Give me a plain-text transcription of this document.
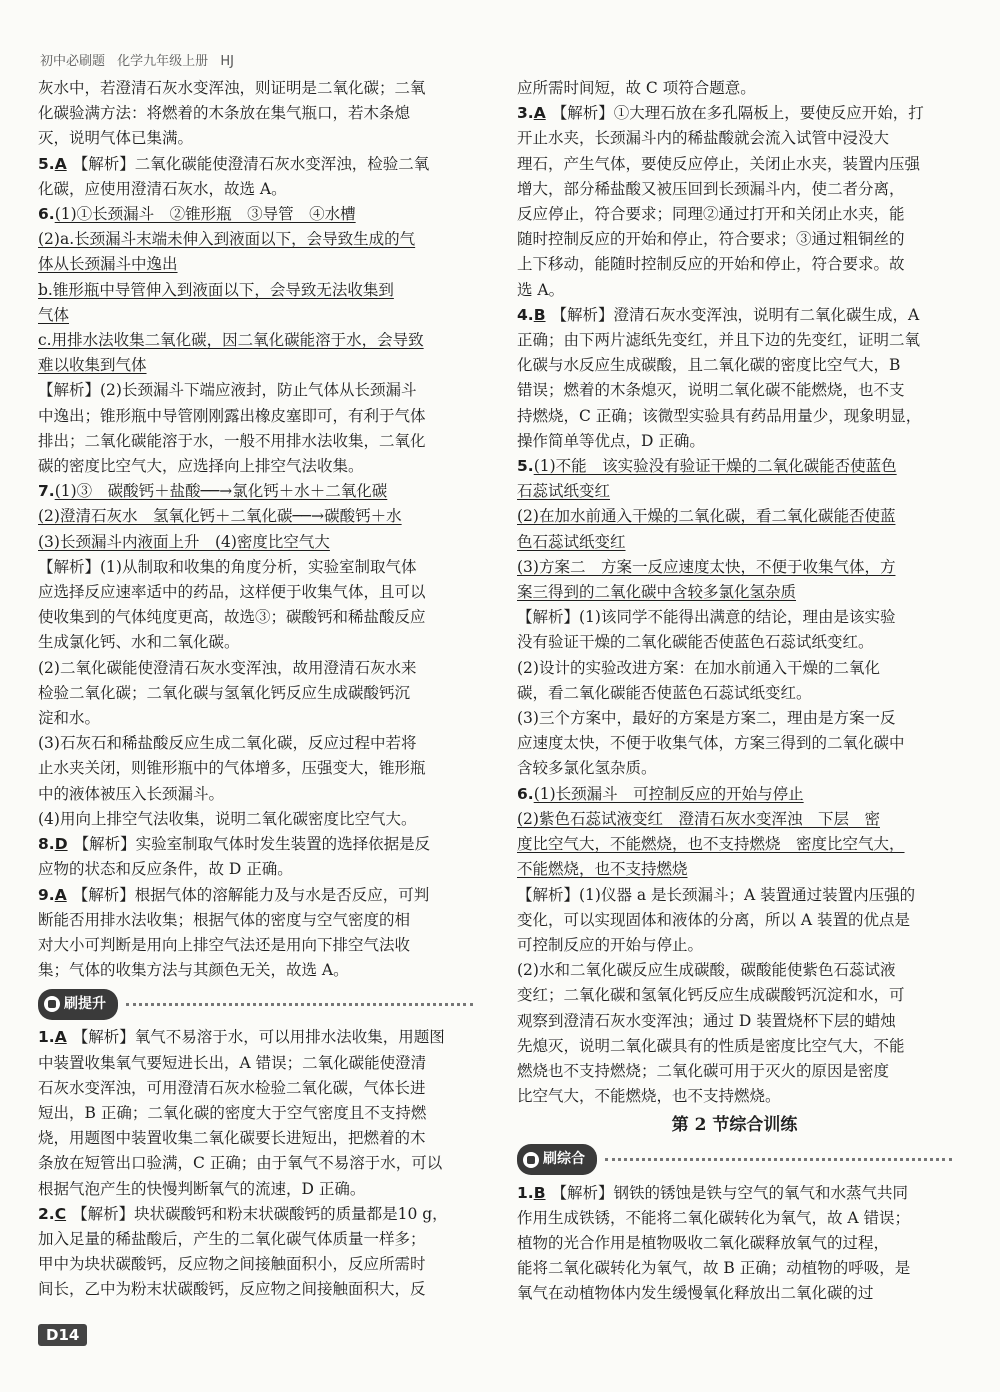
初中必刷题 化学九年级上册 HJ

灰水中，若澄清石灰水变浑浊，则证明是二氧化碳；二氧

化碳验满方法：将燃着的木条放在集气瓶口，若木条熄

灭，说明气体已集满。

5.A 【解析】二氧化碳能使澄清石灰水变浑浊，检验二氧

化碳，应使用澄清石灰水，故选 A。

6.(1)①长颈漏斗　②锥形瓶　③导管　④水槽

(2)a.长颈漏斗末端未伸入到液面以下，会导致生成的气

体从长颈漏斗中逸出

b.锥形瓶中导管伸入到液面以下，会导致无法收集到

气体

c.用排水法收集二氧化碳，因二氧化碳能溶于水，会导致

难以收集到气体

【解析】(2)长颈漏斗下端应液封，防止气体从长颈漏斗

中逸出；锥形瓶中导管刚刚露出橡皮塞即可，有利于气体

排出；二氧化碳能溶于水，一般不用排水法收集，二氧化

碳的密度比空气大，应选择向上排空气法收集。

7.(1)③　碳酸钙＋盐酸──→氯化钙＋水＋二氧化碳

(2)澄清石灰水　氢氧化钙＋二氧化碳──→碳酸钙＋水

(3)长颈漏斗内液面上升　(4)密度比空气大

【解析】(1)从制取和收集的角度分析，实验室制取气体

应选择反应速率适中的药品，这样便于收集气体，且可以

使收集到的气体纯度更高，故选③；碳酸钙和稀盐酸反应

生成氯化钙、水和二氧化碳。

(2)二氧化碳能使澄清石灰水变浑浊，故用澄清石灰水来

检验二氧化碳；二氧化碳与氢氧化钙反应生成碳酸钙沉

淀和水。

(3)石灰石和稀盐酸反应生成二氧化碳，反应过程中若将

止水夹关闭，则锥形瓶中的气体增多，压强变大，锥形瓶

中的液体被压入长颈漏斗。

(4)用向上排空气法收集，说明二氧化碳密度比空气大。

8.D 【解析】实验室制取气体时发生装置的选择依据是反

应物的状态和反应条件，故 D 正确。

9.A 【解析】根据气体的溶解能力及与水是否反应，可判

断能否用排水法收集；根据气体的密度与空气密度的相

对大小可判断是用向上排空气法还是用向下排空气法收

集；气体的收集方法与其颜色无关，故选 A。

刷提升

1.A 【解析】氧气不易溶于水，可以用排水法收集，用题图

中装置收集氧气要短进长出，A 错误；二氧化碳能使澄清

石灰水变浑浊，可用澄清石灰水检验二氧化碳，气体长进

短出，B 正确；二氧化碳的密度大于空气密度且不支持燃

烧，用题图中装置收集二氧化碳要长进短出，把燃着的木

条放在短管出口验满，C 正确；由于氧气不易溶于水，可以

根据气泡产生的快慢判断氧气的流速，D 正确。

2.C 【解析】块状碳酸钙和粉末状碳酸钙的质量都是10 g，

加入足量的稀盐酸后，产生的二氧化碳气体质量一样多；

甲中为块状碳酸钙，反应物之间接触面积小，反应所需时

间长，乙中为粉末状碳酸钙，反应物之间接触面积大，反

应所需时间短，故 C 项符合题意。

3.A 【解析】①大理石放在多孔隔板上，要使反应开始，打

开止水夹，长颈漏斗内的稀盐酸就会流入试管中浸没大

理石，产生气体，要使反应停止，关闭止水夹，装置内压强

增大，部分稀盐酸又被压回到长颈漏斗内，使二者分离，

反应停止，符合要求；同理②通过打开和关闭止水夹，能

随时控制反应的开始和停止，符合要求；③通过粗铜丝的

上下移动，能随时控制反应的开始和停止，符合要求。故

选 A。

4.B 【解析】澄清石灰水变浑浊，说明有二氧化碳生成，A

正确；由下两片滤纸先变红，并且下边的先变红，证明二氧

化碳与水反应生成碳酸，且二氧化碳的密度比空气大，B

错误；燃着的木条熄灭，说明二氧化碳不能燃烧，也不支

持燃烧，C 正确；该微型实验具有药品用量少，现象明显，

操作简单等优点，D 正确。

5.(1)不能　该实验没有验证干燥的二氧化碳能否使蓝色

石蕊试纸变红

(2)在加水前通入干燥的二氧化碳，看二氧化碳能否使蓝

色石蕊试纸变红

(3)方案二　方案一反应速度太快，不便于收集气体，方

案三得到的二氧化碳中含较多氯化氢杂质

【解析】(1)该同学不能得出满意的结论，理由是该实验

没有验证干燥的二氧化碳能否使蓝色石蕊试纸变红。

(2)设计的实验改进方案：在加水前通入干燥的二氧化

碳，看二氧化碳能否使蓝色石蕊试纸变红。

(3)三个方案中，最好的方案是方案二，理由是方案一反

应速度太快，不便于收集气体，方案三得到的二氧化碳中

含较多氯化氢杂质。

6.(1)长颈漏斗　可控制反应的开始与停止

(2)紫色石蕊试液变红　澄清石灰水变浑浊　下层　密

度比空气大，不能燃烧，也不支持燃烧　密度比空气大，

不能燃烧，也不支持燃烧

【解析】(1)仪器 a 是长颈漏斗；A 装置通过装置内压强的

变化，可以实现固体和液体的分离，所以 A 装置的优点是

可控制反应的开始与停止。

(2)水和二氧化碳反应生成碳酸，碳酸能使紫色石蕊试液

变红；二氧化碳和氢氧化钙反应生成碳酸钙沉淀和水，可

观察到澄清石灰水变浑浊；通过 D 装置烧杯下层的蜡烛

先熄灭，说明二氧化碳具有的性质是密度比空气大，不能

燃烧也不支持燃烧；二氧化碳可用于灭火的原因是密度

比空气大，不能燃烧，也不支持燃烧。

第 2 节综合训练
刷综合

1.B 【解析】钢铁的锈蚀是铁与空气的氧气和水蒸气共同

作用生成铁锈，不能将二氧化碳转化为氧气，故 A 错误；

植物的光合作用是植物吸收二氧化碳释放氧气的过程，

能将二氧化碳转化为氧气，故 B 正确；动植物的呼吸，是

氧气在动植物体内发生缓慢氧化释放出二氧化碳的过

D14
